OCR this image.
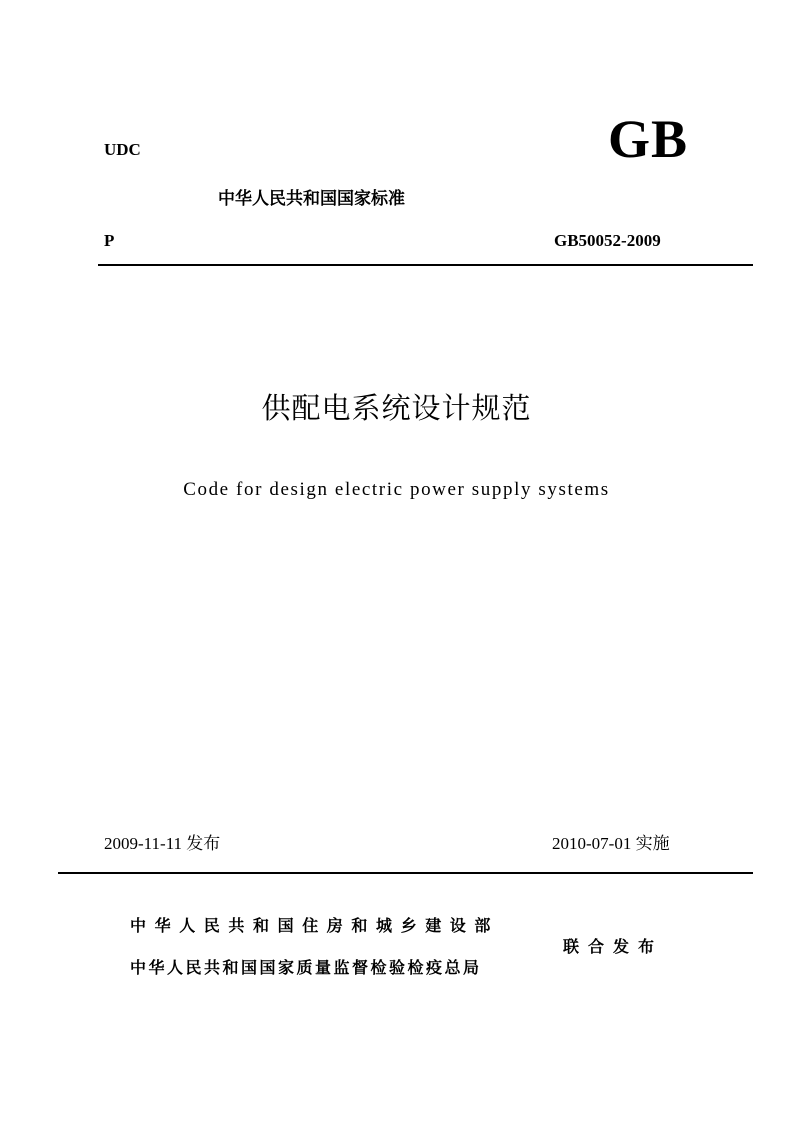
UDC	GB
中华人民共和国国家标准
P	GB50052-2009
供配电系统设计规范
Code for design electric power supply systems
2009-11-11 发布	2010-07-01 实施
中华人民共和国住房和城乡建设部
中华人民共和国国家质量监督检验检疫总局
联合发布
